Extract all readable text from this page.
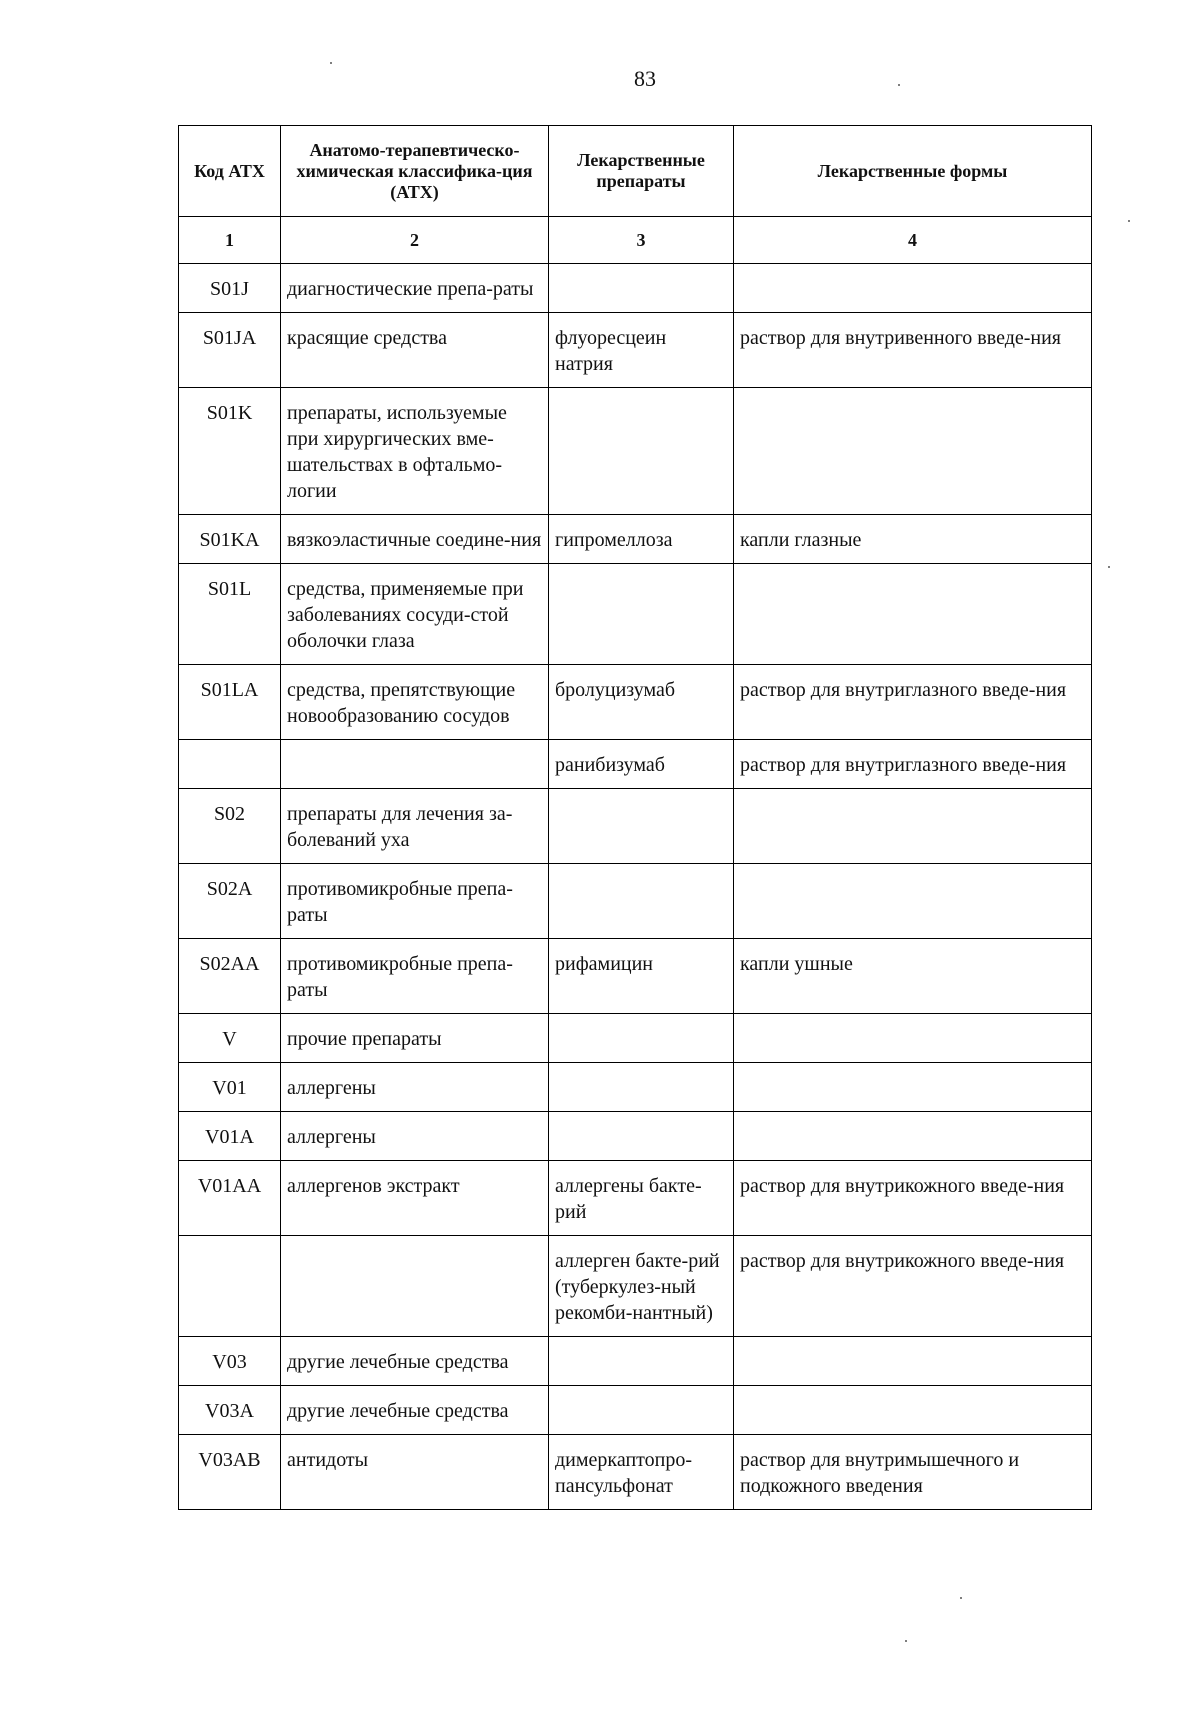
83
Код АТХ	Анатомо-терапевтическо-химическая классифика-ция (АТХ)	Лекарственные препараты	Лекарственные формы
1	2	3	4
S01J	диагностические препа-раты		
S01JA	красящие средства	флуоресцеин натрия	раствор для внутривенного введе-ния
S01K	препараты, используемые при хирургических вме-шательствах в офтальмо-логии		
S01KA	вязкоэластичные соедине-ния	гипромеллоза	капли глазные
S01L	средства, применяемые при заболеваниях сосуди-стой оболочки глаза		
S01LA	средства, препятствующие новообразованию сосудов	бролуцизумаб	раствор для внутриглазного введе-ния
		ранибизумаб	раствор для внутриглазного введе-ния
S02	препараты для лечения за-болеваний уха		
S02A	противомикробные препа-раты		
S02AA	противомикробные препа-раты	рифамицин	капли ушные
V	прочие препараты		
V01	аллергены		
V01A	аллергены		
V01AA	аллергенов экстракт	аллергены бакте-рий	раствор для внутрикожного введе-ния
		аллерген бакте-рий (туберкулез-ный рекомби-нантный)	раствор для внутрикожного введе-ния
V03	другие лечебные средства		
V03A	другие лечебные средства		
V03AB	антидоты	димеркаптопро-пансульфонат	раствор для внутримышечного и подкожного введения
